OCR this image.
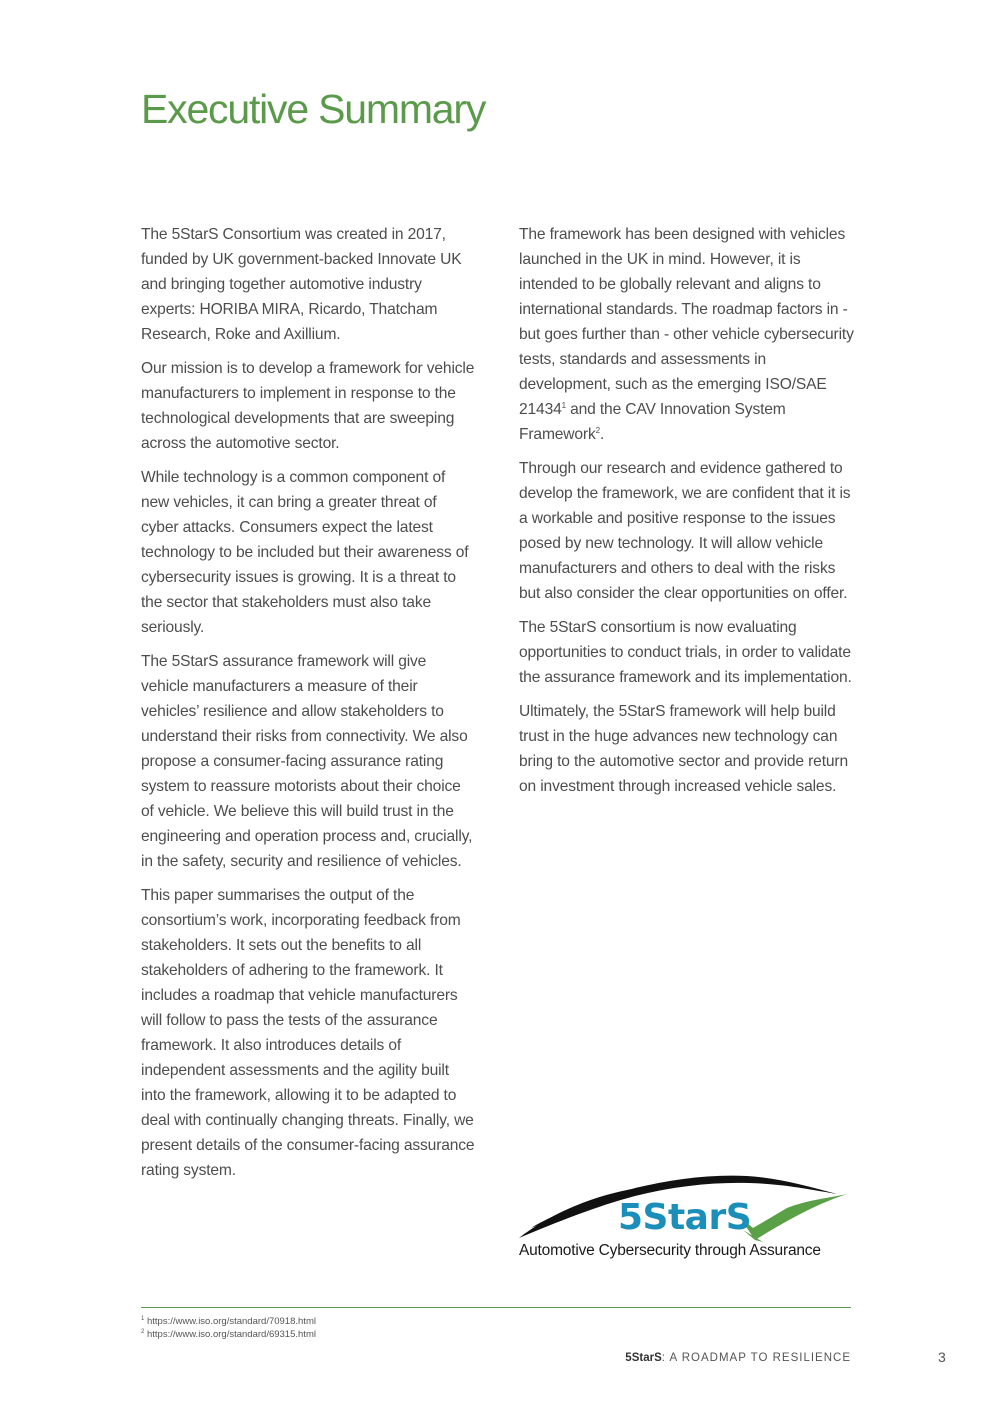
Executive Summary

The 5StarS Consortium was created in 2017, funded by UK government-backed Innovate UK and bringing together automotive industry experts: HORIBA MIRA, Ricardo, Thatcham Research, Roke and Axillium.

Our mission is to develop a framework for vehicle manufacturers to implement in response to the technological developments that are sweeping across the automotive sector.

While technology is a common component of new vehicles, it can bring a greater threat of cyber attacks. Consumers expect the latest technology to be included but their awareness of cybersecurity issues is growing. It is a threat to the sector that stakeholders must also take seriously.

The 5StarS assurance framework will give vehicle manufacturers a measure of their vehicles’ resilience and allow stakeholders to understand their risks from connectivity. We also propose a consumer-facing assurance rating system to reassure motorists about their choice of vehicle. We believe this will build trust in the engineering and operation process and, crucially, in the safety, security and resilience of vehicles.

This paper summarises the output of the consortium’s work, incorporating feedback from stakeholders. It sets out the benefits to all stakeholders of adhering to the framework. It includes a roadmap that vehicle manufacturers will follow to pass the tests of the assurance framework. It also introduces details of independent assessments and the agility built into the framework, allowing it to be adapted to deal with continually changing threats. Finally, we present details of the consumer-facing assurance rating system.

The framework has been designed with vehicles launched in the UK in mind. However, it is intended to be globally relevant and aligns to international standards. The roadmap factors in - but goes further than - other vehicle cybersecurity tests, standards and assessments in development, such as the emerging ISO/SAE 21434$^1$ and the CAV Innovation System Framework$^2$.

Through our research and evidence gathered to develop the framework, we are confident that it is a workable and positive response to the issues posed by new technology. It will allow vehicle manufacturers and others to deal with the risks but also consider the clear opportunities on offer.

The 5StarS consortium is now evaluating opportunities to conduct trials, in order to validate the assurance framework and its implementation.

Ultimately, the 5StarS framework will help build trust in the huge advances new technology can bring to the automotive sector and provide return on investment through increased vehicle sales.

5StarS
Automotive Cybersecurity through Assurance
$^1$ https://www.iso.org/standard/70918.html
$^2$ https://www.iso.org/standard/69315.html
5StarS: A ROADMAP TO RESILIENCE	3
